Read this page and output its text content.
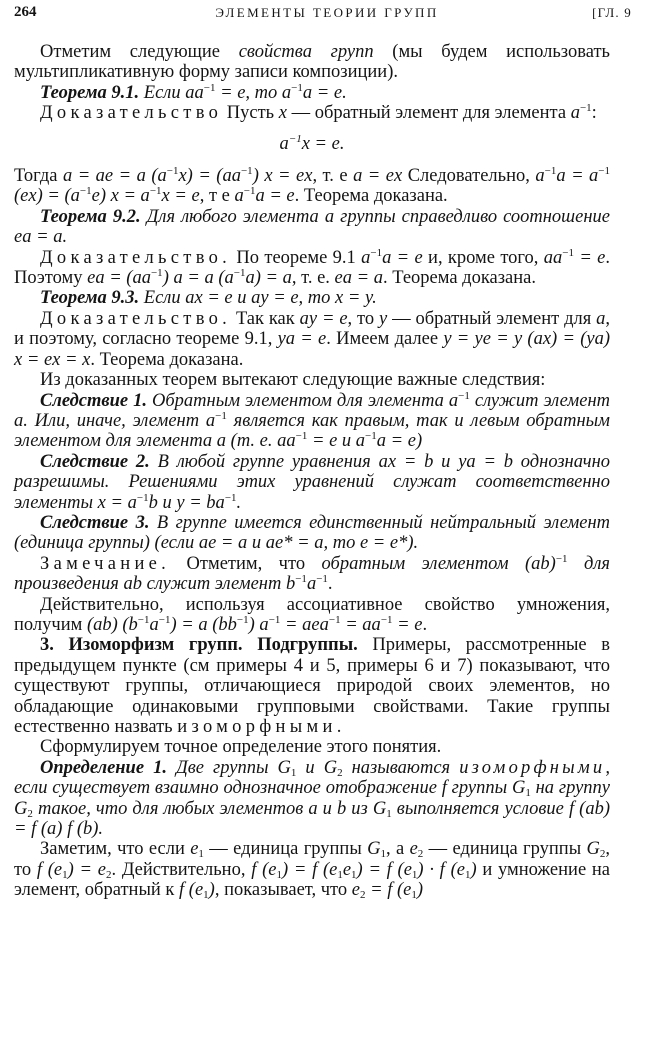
264	ЭЛЕМЕНТЫ ТЕОРИИ ГРУПП	[ГЛ. 9

Отметим следующие свойства групп (мы будем использовать мультипликативную форму записи композиции).

Теорема 9.1. Если $aa^{-1} = e$, то $a^{-1}a = e$.

Доказательство Пусть x — обратный элемент для элемента $a^{-1}$:

$a^{-1}x = e$.

Тогда a = ae = a $(a^{-1}x) = (aa^{-1}) x$ = ex, т. е a = ex Следовательно, $a^{-1}a = a^{-1}$ $(ex) = (a^{-1}e) x = a^{-1}x = e$, т е $a^{-1}a = e$. Теорема доказана.

Теорема 9.2. Для любого элемента a группы справедливо соотношение ea = a.

Доказательство. По теореме 9.1 $a^{-1}a = e$ и, кроме того, $aa^{-1} = e$. Поэтому ea = $(aa^{-1}) a = a$ $(a^{-1}a) = a$, т. е. ea = a. Теорема доказана.

Теорема 9.3. Если ax = e и ay = e, то x = y.

Доказательство. Так как ay = e, то y — обратный элемент для a, и поэтому, согласно теореме 9.1, ya = e. Имеем далее y = ye = y (ax) = (ya) x = ex = x. Теорема доказана.

Из доказанных теорем вытекают следующие важные следствия:

Следствие 1. Обратным элементом для элемента $a^{-1}$ служит элемент a. Или, иначе, элемент $a^{-1}$ является как правым, так и левым обратным элементом для элемента a (т. е. $aa^{-1} = e$ и $a^{-1}a = e$)

Следствие 2. В любой группе уравнения ax = b и ya = b однозначно разрешимы. Решениями этих уравнений служат соответственно элементы $x = a^{-1}b$ и $y = ba^{-1}$.

Следствие 3. В группе имеется единственный нейтральный элемент (единица группы) (если ae = a и ae* = a, то e = e*).

Замечание. Отметим, что обратным элементом (ab)$^{-1}$ для произведения ab служит элемент $b^{-1}a^{-1}$.

Действительно, используя ассоциативное свойство умножения, получим (ab) $(b^{-1}a^{-1}) = a$ $(bb^{-1}) a^{-1} = aea^{-1} = aa^{-1} = e$.

3. Изоморфизм групп. Подгруппы. Примеры, рассмотренные в предыдущем пункте (см примеры 4 и 5, примеры 6 и 7) показывают, что существуют группы, отличающиеся природой своих элементов, но обладающие одинаковыми групповыми свойствами. Такие группы естественно назвать изоморфными.

Сформулируем точное определение этого понятия.

Определение 1. Две группы $G_1$ и $G_2$ называются изоморфными, если существует взаимно однозначное отображение f группы $G_1$ на группу $G_2$ такое, что для любых элементов a и b из $G_1$ выполняется условие f (ab) = f (a) f (b).

Заметим, что если $e_1$ — единица группы $G_1$, а $e_2$ — единица группы $G_2$, то f $(e_1) = e_2$. Действительно, f $(e_1) = f$ $(e_1e_1) = f$ $(e_1) \cdot f$ $(e_1)$ и умножение на элемент, обратный к f $(e_1)$, показывает, что $e_2 = f$ $(e_1)$
